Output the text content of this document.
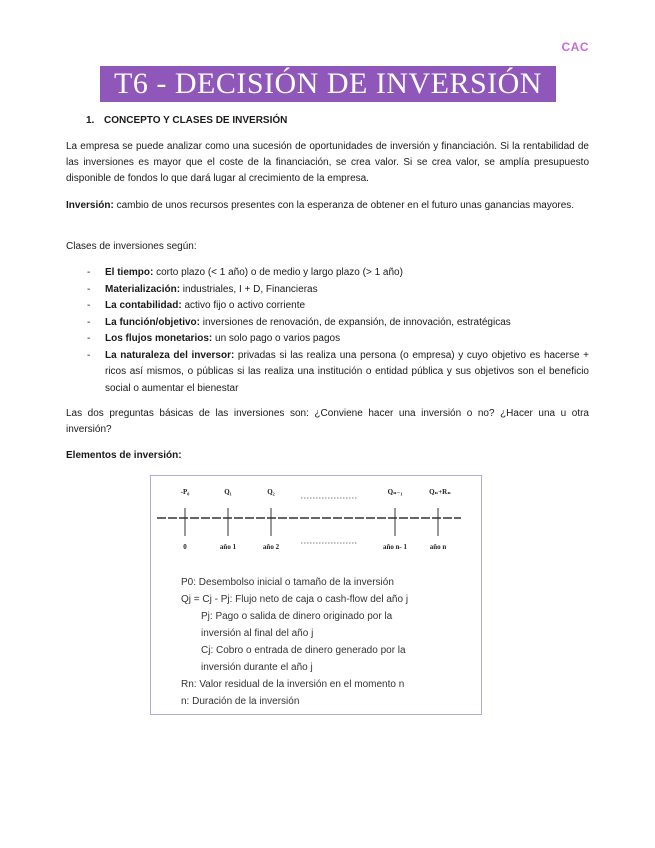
CAC
T6 - DECISIÓN DE INVERSIÓN
1. CONCEPTO Y CLASES DE INVERSIÓN

La empresa se puede analizar como una sucesión de oportunidades de inversión y financiación. Si la rentabilidad de las inversiones es mayor que el coste de la financiación, se crea valor. Si se crea valor, se amplía presupuesto disponible de fondos lo que dará lugar al crecimiento de la empresa.

Inversión: cambio de unos recursos presentes con la esperanza de obtener en el futuro unas ganancias mayores.

Clases de inversiones según:

- El tiempo: corto plazo (< 1 año) o de medio y largo plazo (> 1 año)
- Materialización: industriales, I + D, Financieras
- La contabilidad: activo fijo o activo corriente
- La función/objetivo: inversiones de renovación, de expansión, de innovación, estratégicas
- Los flujos monetarios: un solo pago o varios pagos
- La naturaleza del inversor: privadas si las realiza una persona (o empresa) y cuyo objetivo es hacerse + ricos así mismos, o públicas si las realiza una institución o entidad pública y sus objetivos son el beneficio social o aumentar el bienestar

Las dos preguntas básicas de las inversiones son: ¿Conviene hacer una inversión o no? ¿Hacer una u otra inversión?

Elementos de inversión:
-P₀	Q₁	Q₂	Qₙ₋₁	Qₙ+Rₙ
0	año 1	año 2	año n- 1	año n
P0: Desembolso inicial o tamaño de la inversión
Qj = Cj - Pj: Flujo neto de caja o cash-flow del año j
Pj: Pago o salida de dinero originado por la
inversión al final del año j
Cj: Cobro o entrada de dinero generado por la
inversión durante el año j
Rn: Valor residual de la inversión en el momento n
n: Duración de la inversión
